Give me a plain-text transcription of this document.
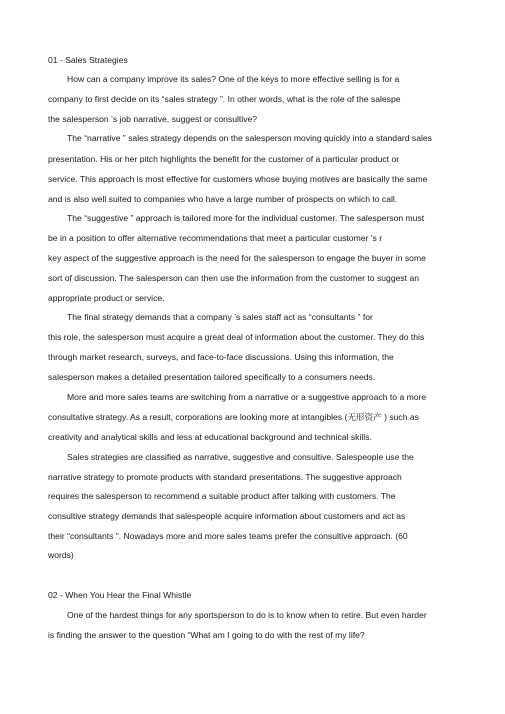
01 - Sales Strategies
How can a company improve its sales? One of the keys to more effective selling is for a
company to first decide on its “sales strategy ”. In other words, what is the role of the salespe
the salesperson ’s job narrative, suggest or consultive?
The “narrative ” sales strategy depends on the salesperson moving quickly into a standard sales
presentation. His or her pitch highlights the benefit for the customer of a particular product or
service. This approach is most effective for customers whose buying motives are basically the same
and is also well suited to companies who have a large number of prospects on which to call.
The “suggestive ” approach is tailored more for the individual customer. The salesperson must
be in a position to offer alternative recommendations that meet a particular customer ’s r
key aspect of the suggestive approach is the need for the salesperson to engage the buyer in some
sort of discussion. The salesperson can then use the information from the customer to suggest an
appropriate product or service.
The final strategy demands that a company ’s sales staff act as “consultants ” for
this role, the salesperson must acquire a great deal of information about the customer. They do this
through market research, surveys, and face-to-face discussions. Using this information, the
salesperson makes a detailed presentation tailored specifically to a consumers needs.
More and more sales teams are switching from a narrative or a suggestive approach to a more
consultative strategy. As a result, corporations are looking more at intangibles (无形资产 ) such as
creativity and analytical skills and less at educational background and technical skills.
Sales strategies are classified as narrative, suggestive and consultive. Salespeople use the
narrative strategy to promote products with standard presentations. The suggestive approach
requires the salesperson to recommend a suitable product after talking with customers. The
consultive strategy demands that salespeople acquire information about customers and act as
their “consultants ”. Nowadays more and more sales teams prefer the consultive approach. (60
words)
02 - When You Hear the Final Whistle
One of the hardest things for any sportsperson to do is to know when to retire. But even harder
is finding the answer to the question “What am I going to do with the rest of my life?
